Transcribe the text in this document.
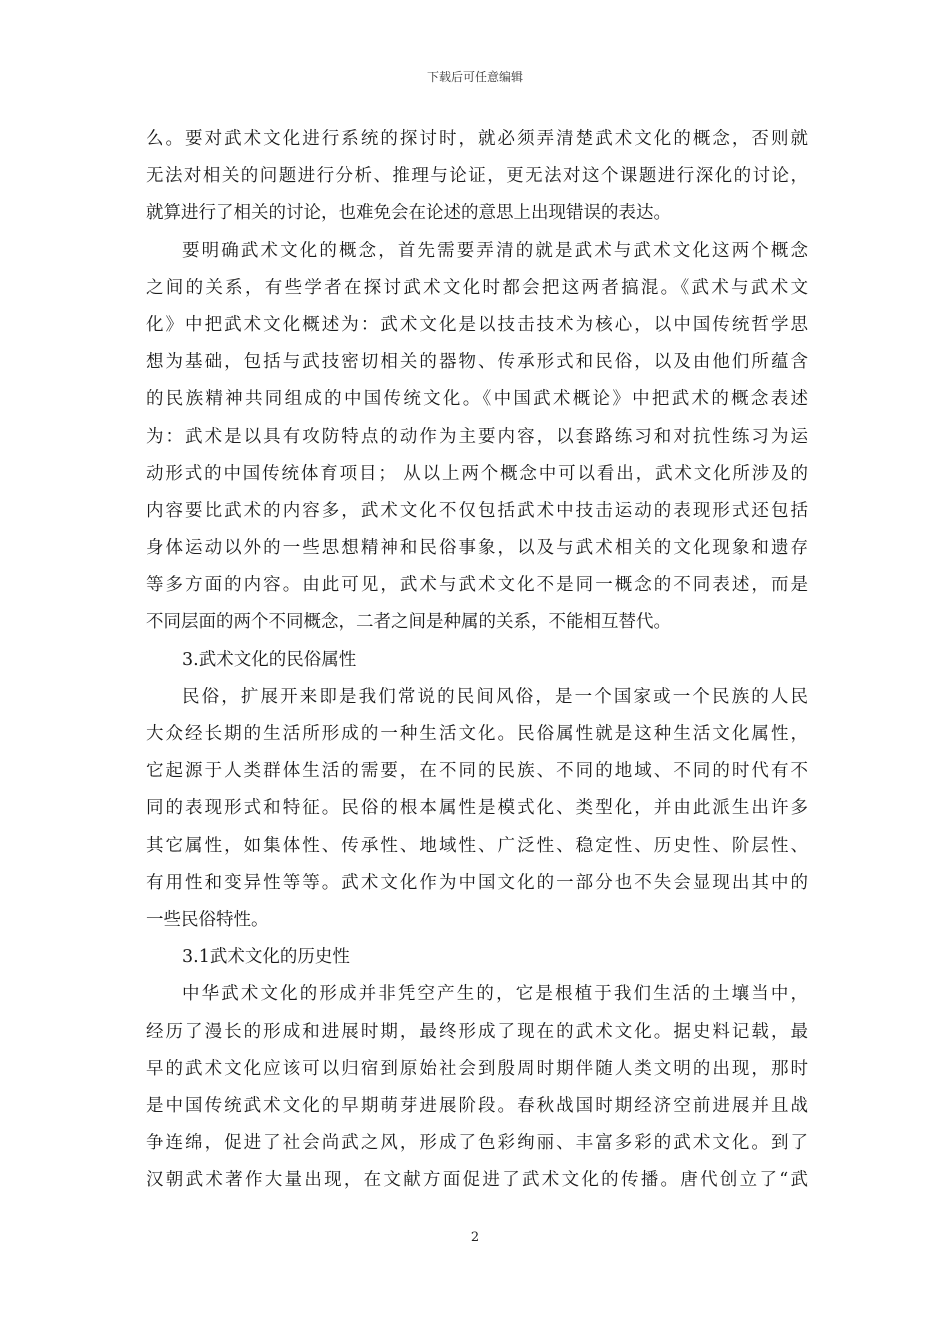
下载后可任意编辑
么。要对武术文化进行系统的探讨时，就必须弄清楚武术文化的概念，否则就
无法对相关的问题进行分析、推理与论证，更无法对这个课题进行深化的讨论，
就算进行了相关的讨论，也难免会在论述的意思上出现错误的表达。
要明确武术文化的概念，首先需要弄清的就是武术与武术文化这两个概念
之间的关系，有些学者在探讨武术文化时都会把这两者搞混。《武术与武术文
化》中把武术文化概述为：武术文化是以技击技术为核心，以中国传统哲学思
想为基础，包括与武技密切相关的器物、传承形式和民俗，以及由他们所蕴含
的民族精神共同组成的中国传统文化。《中国武术概论》中把武术的概念表述
为：武术是以具有攻防特点的动作为主要内容，以套路练习和对抗性练习为运
动形式的中国传统体育项目； 从以上两个概念中可以看出，武术文化所涉及的
内容要比武术的内容多，武术文化不仅包括武术中技击运动的表现形式还包括
身体运动以外的一些思想精神和民俗事象，以及与武术相关的文化现象和遗存
等多方面的内容。由此可见，武术与武术文化不是同一概念的不同表述，而是
不同层面的两个不同概念，二者之间是种属的关系，不能相互替代。
3.武术文化的民俗属性
民俗，扩展开来即是我们常说的民间风俗，是一个国家或一个民族的人民
大众经长期的生活所形成的一种生活文化。民俗属性就是这种生活文化属性，
它起源于人类群体生活的需要，在不同的民族、不同的地域、不同的时代有不
同的表现形式和特征。民俗的根本属性是模式化、类型化，并由此派生出许多
其它属性，如集体性、传承性、地域性、广泛性、稳定性、历史性、阶层性、
有用性和变异性等等。武术文化作为中国文化的一部分也不失会显现出其中的
一些民俗特性。
3.1武术文化的历史性
中华武术文化的形成并非凭空产生的，它是根植于我们生活的土壤当中，
经历了漫长的形成和进展时期，最终形成了现在的武术文化。据史料记载，最
早的武术文化应该可以归宿到原始社会到殷周时期伴随人类文明的出现，那时
是中国传统武术文化的早期萌芽进展阶段。春秋战国时期经济空前进展并且战
争连绵，促进了社会尚武之风，形成了色彩绚丽、丰富多彩的武术文化。到了
汉朝武术著作大量出现，在文献方面促进了武术文化的传播。唐代创立了“武
2
